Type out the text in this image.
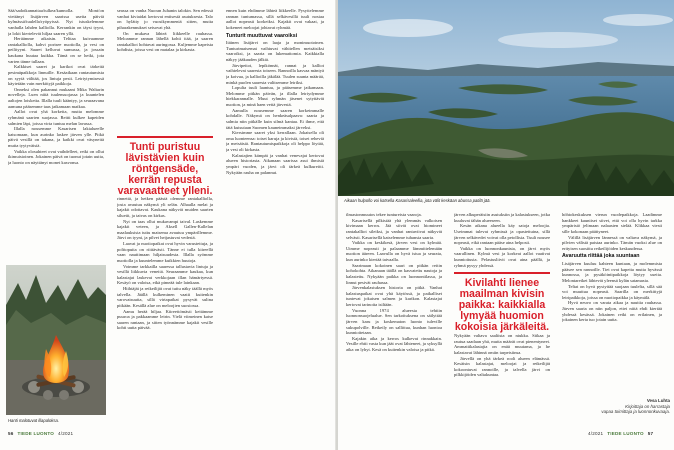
Sää/sadotkannattaa/tulkea/kunnolla. Mont/on viettänyt lisäjärven saarissa useita päiviä kylmässä/tuulella/ryöpyissä. Nyt istuskelemme vanhalla lahden kalliolla. Kerrankin on täysi tyyni, ja lokit kiertelevät hiljaa saaren yllä.

Heräämme aikaisin. Telttaa kuivaamme rantakalliolla, kahvi porisee nuotiolla, ja vesi on peilityyni. Saaret kelluvat sumussa, ja jossain kaukana huutaa kuikka. Tämä on se hetki, jota varten tänne tullaan.

Kalkkiset saaret ja karikot ovat tärkeitä pesimäpaikkoja linnuille. Kesäaikaan rantautumista on syytä välttää, jos lintuja pesii. Leiriytymisessä käytetään vain merkittyjä paikkoja.

Onneksi olen pakannut mukaani Mika Waltarin novelleja. Luen niitä tuulensuojassa ja kuuntelen aaltojen loisketta. Illalla tuuli kääntyy, ja seuraavana aamuna pääsemme taas jatkamaan matkaa.

Aallot ovat yhä korkeita, mutta melomme ryhmänä saarten suojassa. Reitti kulkee kapeiden salmien läpi, joissa virta tuntuu melan lavassa.

Illalla nousemme Kasarisen lakialueelle katsomaan, kun aurinko laskee järven ylle. Pitkä päivä vesillä on takana, ja kaikki ovat väsyneitä mutta tyytyväisiä.

Vaikka olosuhteet ovat vaihdelleet, retki on ollut ikimuistoinen. Jokainen päivä on tuonut jotain uutta, ja luonto on näyttänyt monet kasvonsa.

seassa on vanha Nuoran Juhanin talokin. Sen edessä vanhat kiviaidat kertovat entisestä asutuksesta. Talo on hylätty jo vuosikymmeniä sitten, mutta piharakennukset seisovat yhä.

On mukava lähteä liikkeelle rauhassa. Meloamme rannan lähellä kohti itää, ja saaren rantakalliot hohtavat auringossa. Kuljemme kapeista kohdista, joissa vesi on matalaa ja kirkasta.

Tunti puristuu lävistävien kuin röntgensäde, kerrän repusta varavaatteet ylleni.

rinnettä, ja hetken päästä olemme rantakalliolla, josta avautuu näkymä yli selän. Alhaalla melat ja kajakit odottavat. Kaukana näkyvät muiden saarten siluetit, ja taivas on kirkas.

Nyt on taas ollut mukavampi taival. Laskemme kajakit veteen, ja Aksell Gallen-Kallelan maalauksista tuttu maisema avautuu ympärillemme. Järvi on tyyni, ja pilvet heijastuvat vedestä.

Laavat ja nuotiopaikat ovat hyvin varustettuja, ja polttopuita on riittävästi. Tänne ei tulla kiireellä vaan nauttimaan hiljaisuudesta. Illalla syömme nuotiolla ja kuuntelemme kuikkien huutoja.

Voimme tarkkailla saaressa tallustavia lintuja ja vesillä liikkuvia veneitä. Seuraamme kaukaa, kun kalastajat laskevat verkkojaan illan hämärtyessä. Kesäyö on valoisa, eikä pimeää tule lainkaan.

Hiihtäjät ja retkeilijät ovat tuttu näky täällä myös talvella. Jäällä kulkeminen vaatii kuitenkin varovaisuutta, sillä virtapaikat pysyvät sulina pitkään. Kesällä alue on meloojien suosiossa.

Aamu herää hiljaa. Kiireettömästi keitämme puuroa ja pakkaamme leirin. Vielä viimeinen katse saaren rantaan, ja sitten työnnämme kajakit vesille kohti uutta päivää.

ennen kuin ehdimme lähteä liikkeelle. Pysyttelemme rannan tuntumassa, sillä selkävesillä tuuli nostaa aallot nopeasti korkeiksi. Kajakit ovat vakaat, ja kokeneet meloojat johtavat ryhmää.

Tunturit muuttuvat vaaroiksi

Itäinen lisäjärvi on laaja ja monimuotoinen. Tunturimaisemat vaihtuvat vähitellen metsäisiksi vaaroiksi, ja saaria on lukemattomia. Kaikkialla näkyy jääkauden jälkiä.

Järvipeitot, lepikönnät, rannat ja kalliot vaihtelevat saaresta toiseen. Rannoilla kasvaa mäntyä ja koivua, ja kallioilla jäkälää. Tuulen suunta määrää, minkä puolen saaresta valitsemme leiriksi.

Lopulta tuuli laantuu, ja pääsemme jatkamaan. Melomme pitkän päivän, ja illalla leiriydymme hiekkarannalle. Muut ryhmän jäsenet sytyttävät nuotion, ja minä haen vettä järvestä.

Aamulla nousemme saaren korkeimmalle kohdalle. Näkymä on henkeäsalpaava: saaria ja salmia niin pitkälle kuin silmä kantaa. Ei ihme, että tätä kutsutaan Suomen kauneimmaksi järveksi.

Kiersimme saaret yksi kerrallaan. Jokaisella oli oma luonteensa: toiset karuja ja kivisiä, toiset reheviä ja metsäisiä. Rantautumispaikkoja oli helppo löytää, ja vesi oli kirkasta.

Kalastajien kämpät ja vanhat venevajat kertovat alueen historiasta. Aikanaan saarissa asui ihmisiä ympäri vuoden, ja järvi oli tärkeä kulkureitti. Nykyään rauha on palannut.

Hanti malotuvat illapaloksa.
56 TIEDE LUONTO 4/2021
Aikaan hulpollo voi katsella Kasarisaleellia, jota välit keskäan abussa patilä jää.

ilmastonmuutos tekee tuntureista vaaroja.

Kasarisellä pilkistää yhä ylemmäs valkoisen kivimaan kerros. Jää siivät ovat hiomineet rantakalliot sileiksi, ja vanhat rantaviivat näkyvät selvästi. Kasarisellä katselemme tuhansia saaria.

Vaikka on keskikesä, järven vesi on kylmää. Uimme nopeasti ja palaamme lämmittelemään nuotion ääreen. Laavulla on hyvä istua ja seurata, kun aurinko kiertää taivaalla.

Saarimaan kokoinen saari on pitkän reitin kohokohta. Aikanaan täällä on kasvatettu nautoja ja kalastettu. Nykyään paikka on luonnontilassa, ja linnut pesivät rauhassa.

Järvenkalastuksen historia on pitkä. Vanhat kalastuspaikat ovat yhä käytössä, ja paikalliset tuntevat jokaisen salmen ja karikon. Kalastajat kertovat tarinoita isiltään.

Vuonna 1974 alueesta tehtiin luonnonsuojelualue. Sen tarkoituksena on säilyttää järven karu ja koskematon luonto tuleville sukupolville. Retkeily on sallittua, kunhan luontoa kunnioitetaan.

Kajakin aika ja kerros kulkevat rinnakkain. Vesille ehtii vasta kun jäät ovat lähteneet, ja syksyllä aika on lyhyt. Kesä on kuitenkin valoisa ja pitkä.

järven alkuperäisiin asutuksiin ja kalastukseen, jotka kuuluvat tähän alueeseen.

Kesän aikana alueella käy satoja meloojia. Useimmat tulevat ryhmissä ja opastettuina, sillä järven selkävedet voivat olla petollisia. Tuuli nousee nopeasti, eikä rantaan pääse aina helposti.

Vaikka on luonnonkaunista, on järvi myös vaarallinen. Kylmä vesi ja korkeat aallot vaativat kunnioitusta. Pelastusliivit ovat aina päällä, ja ryhmä pysyy yhdessä.

Kivilahti lienee maailman kivisin paikka: kaikkialla lymyää huomion kokoisia järkäleitä.

Nykyään valtava saaliista on niukka. Siikaa ja rautua saadaan yhä, mutta määrät ovat pienentyneet. Ammattikalastajia on enää muutama, ja he kalastavat lähinnä omiin tarpeisiinsa.

Järvellä on yhä tärkeä rooli alueen elämässä. Kesäisin kalastajat, meloojat ja retkeilijät kokoontuvat rannoille, ja talvella järvi on pilkkijöiden valtakuntaa.

höhtokeskuksen vierun vuodepaikkoja. Laadimme hankkeet kauniiset siivet, että voi olla hyvin tarkka ympäristö jelimaan nalaasten sielää. Klikkaa viesti sille kokonaan päättyneet.

Välillä lisäjärven lännessä on valtava näkymä, ja pilvien välistä paistaa aurinko. Tämän vuoksi alue on erityisen suosittu retkeilijöiden keskuudessa.

Avaruutta riittää joka suuntaan

Lisäjärven kuuluu kahteen kuntaan, ja molemmista pääsee sen rannoille. Tiet ovat kapeita mutta hyvässä kunnossa, ja pysäköintipaikkoja löytyy useita. Melontaretket lähtevät yleensä kylän satamasta.

Teltat on hyvä pystyttää suojaan tuulelta, sillä sää voi muuttua nopeasti. Saarilla on merkittyjä leiripaikkoja, joissa on nuotiopaikka ja käymälä.

Hyvä neuvo on varata aikaa ja nauttia rauhassa. Järven saaria on niin paljon, ettei niitä ehdi kiertää yhdessä kesässä. Jokainen retki on erilainen, ja jokainen kerta tuo jotain uutta.

4/2021 TIEDE LUONTO 57
Vesa Luhta
Kirjoittaja on harrastaja
vapaa toimittaja ja luonnonkuvaaja.
